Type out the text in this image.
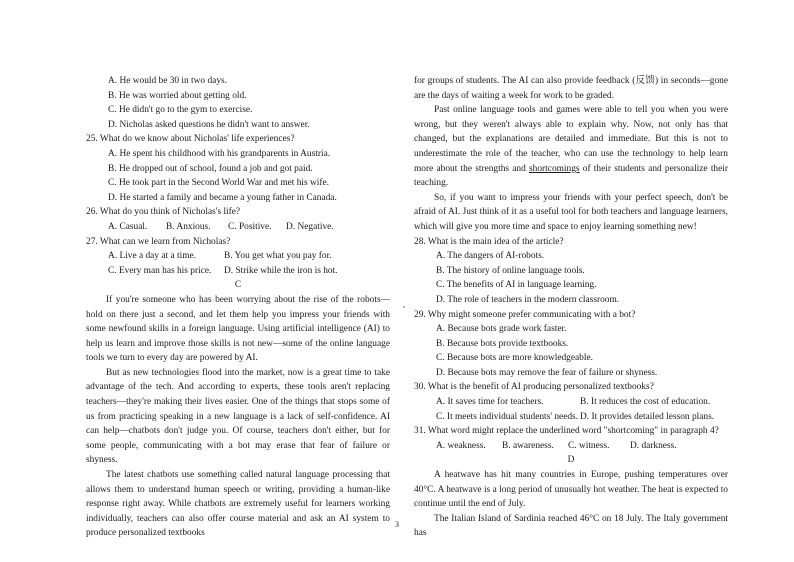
A. He would be 30 in two days.
B. He was worried about getting old.
C. He didn't go to the gym to exercise.
D. Nicholas asked questions he didn't want to answer.
25. What do we know about Nicholas' life experiences?
A. He spent his childhood with his grandparents in Austria.
B. He dropped out of school, found a job and got paid.
C. He took part in the Second World War and met his wife.
D. He started a family and became a young father in Canada.
26. What do you think of Nicholas's life?
A. Casual.	B. Anxious.	C. Positive.	D. Negative.
27. What can we learn from Nicholas?
A. Live a day at a time.	B. You get what you pay for.
C. Every man has his price.	D. Strike while the iron is hot.
C

If you're someone who has been worrying about the rise of the robots—hold on there just a second, and let them help you impress your friends with some newfound skills in a foreign language. Using artificial intelligence (AI) to help us learn and improve those skills is not new—some of the online language tools we turn to every day are powered by AI.

But as new technologies flood into the market, now is a great time to take advantage of the tech. And according to experts, these tools aren't replacing teachers—they're making their lives easier. One of the things that stops some of us from practicing speaking in a new language is a lack of self-confidence. AI can help—chatbots don't judge you. Of course, teachers don't either, but for some people, communicating with a bot may erase that fear of failure or shyness.

The latest chatbots use something called natural language processing that allows them to understand human speech or writing, providing a human-like response right away. While chatbots are extremely useful for learners working individually, teachers can also offer course material and ask an AI system to produce personalized textbooks

for groups of students. The AI can also provide feedback (反馈) in seconds—gone are the days of waiting a week for work to be graded.

Past online language tools and games were able to tell you when you were wrong, but they weren't always able to explain why. Now, not only has that changed, but the explanations are detailed and immediate. But this is not to underestimate the role of the teacher, who can use the technology to help learn more about the strengths and shortcomings of their students and personalize their teaching.

So, if you want to impress your friends with your perfect speech, don't be afraid of AI. Just think of it as a useful tool for both teachers and language learners, which will give you more time and space to enjoy learning something new!

28. What is the main idea of the article?
A. The dangers of AI-robots.
B. The history of online language tools.
C. The benefits of AI in language learning.
D. The role of teachers in the modern classroom.
29. Why might someone prefer communicating with a bot?
A. Because bots grade work faster.
B. Because bots provide textbooks.
C. Because bots are more knowledgeable.
D. Because bots may remove the fear of failure or shyness.
30. What is the benefit of AI producing personalized textbooks?
A. It saves time for teachers.	B. It reduces the cost of education.
C. It meets individual students' needs. D. It provides detailed lesson plans.
31. What word might replace the underlined word "shortcoming" in paragraph 4?
A. weakness.	B. awareness.	C. witness.	D. darkness.
D

A heatwave has hit many countries in Europe, pushing temperatures over 40°C. A heatwave is a long period of unusually hot weather. The heat is expected to continue until the end of July.

The Italian Island of Sardinia reached 46°C on 18 July. The Italy government has

3
,
